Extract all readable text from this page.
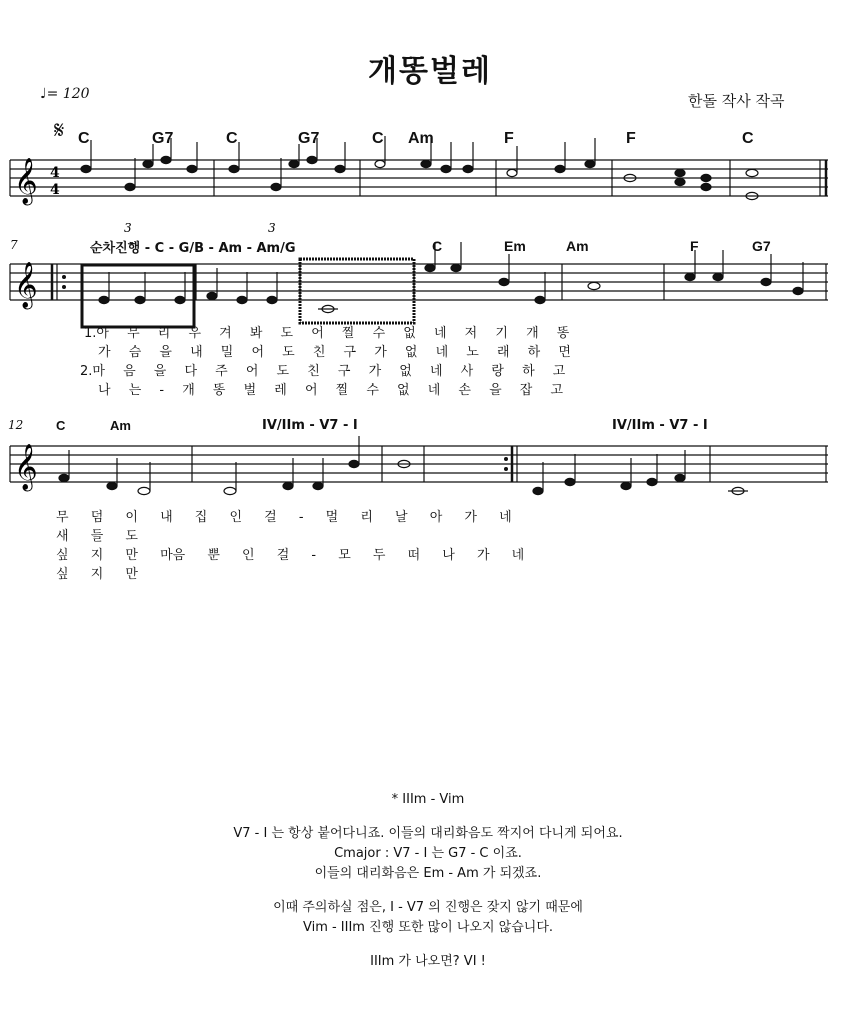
개똥벌레
한돌 작사 작곡
♩= 120
𝄋 C	G7	C	G7	C Am	F	F	C
𝄞 4
4
3	3
7	순차진행 - C - G/B - Am - Am/G	C	Em	Am	F	G7
𝄞
1.아 무 리 우 겨 봐 도 어 찔 수 없 네 저 기 개 똥
가 슴 을 내 밀 어 도 친 구 가 없 네 노 래 하 면
2.마 음 을 다 주 어 도 친 구 가 없 네 사 랑 하 고
나 는 - 개 똥 벌 레 어 찔 수 없 네 손 을 잡 고
12	C	Am	IV/IIm - V7 - I	IV/IIm - V7 - I
𝄞
무 덤 이 내 집 인 걸 - 멀 리 날 아 가 네
새 들 도
싶 지 만 마음 뿐 인 걸 - 모 두 떠 나 가 네
싶 지 만

* IIIm - Vim

V7 - I 는 항상 붙어다니죠. 이들의 대리화음도 짝지어 다니게 되어요.

Cmajor : V7 - I 는 G7 - C 이죠.

이들의 대리화음은 Em - Am 가 되겠죠.

이때 주의하실 점은, I - V7 의 진행은 잦지 않기 때문에

Vim - IIIm 진행 또한 많이 나오지 않습니다.

IIIm 가 나오면? VI !
